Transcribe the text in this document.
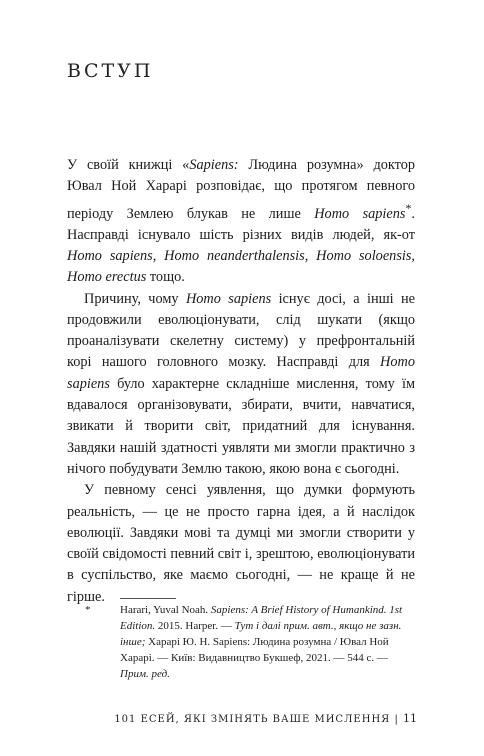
ВСТУП

У своїй книжці «Sapiens: Людина розумна» доктор Ювал Ной Харарі розповідає, що протягом певного періоду Землею блукав не лише Homo sapiens*. Насправді існувало шість різних видів людей, як-от Homo sapiens, Homo neanderthalensis, Homo soloensis, Homo erectus тощо.

Причину, чому Homo sapiens існує досі, а інші не продовжили еволюціонувати, слід шукати (якщо проаналізувати скелетну систему) у префронтальній корі нашого головного мозку. Насправді для Homo sapiens було характерне складніше мислення, тому їм вдавалося організовувати, збирати, вчити, навчатися, звикати й творити світ, придатний для існування. Завдяки нашій здатності уявляти ми змогли практично з нічого побудувати Землю такою, якою вона є сьогодні.

У певному сенсі уявлення, що думки формують реальність, — це не просто гарна ідея, а й наслідок еволюції. Завдяки мові та думці ми змогли створити у своїй свідомості певний світ і, зрештою, еволюціонувати в суспільство, яке маємо сьогодні, — не краще й не гірше.

*	Harari, Yuval Noah. Sapiens: A Brief History of Humankind. 1st Edition. 2015. Harper. — Тут і далі прим. авт., якщо не зазн. інше; Харарі Ю. Н. Sapiens: Людина розумна / Ювал Ной Харарі. — Київ: Видавництво Букшеф, 2021. — 544 с. — Прим. ред.
101 ЕСЕЙ, ЯКІ ЗМІНЯТЬ ВАШЕ МИСЛЕННЯ | 11
